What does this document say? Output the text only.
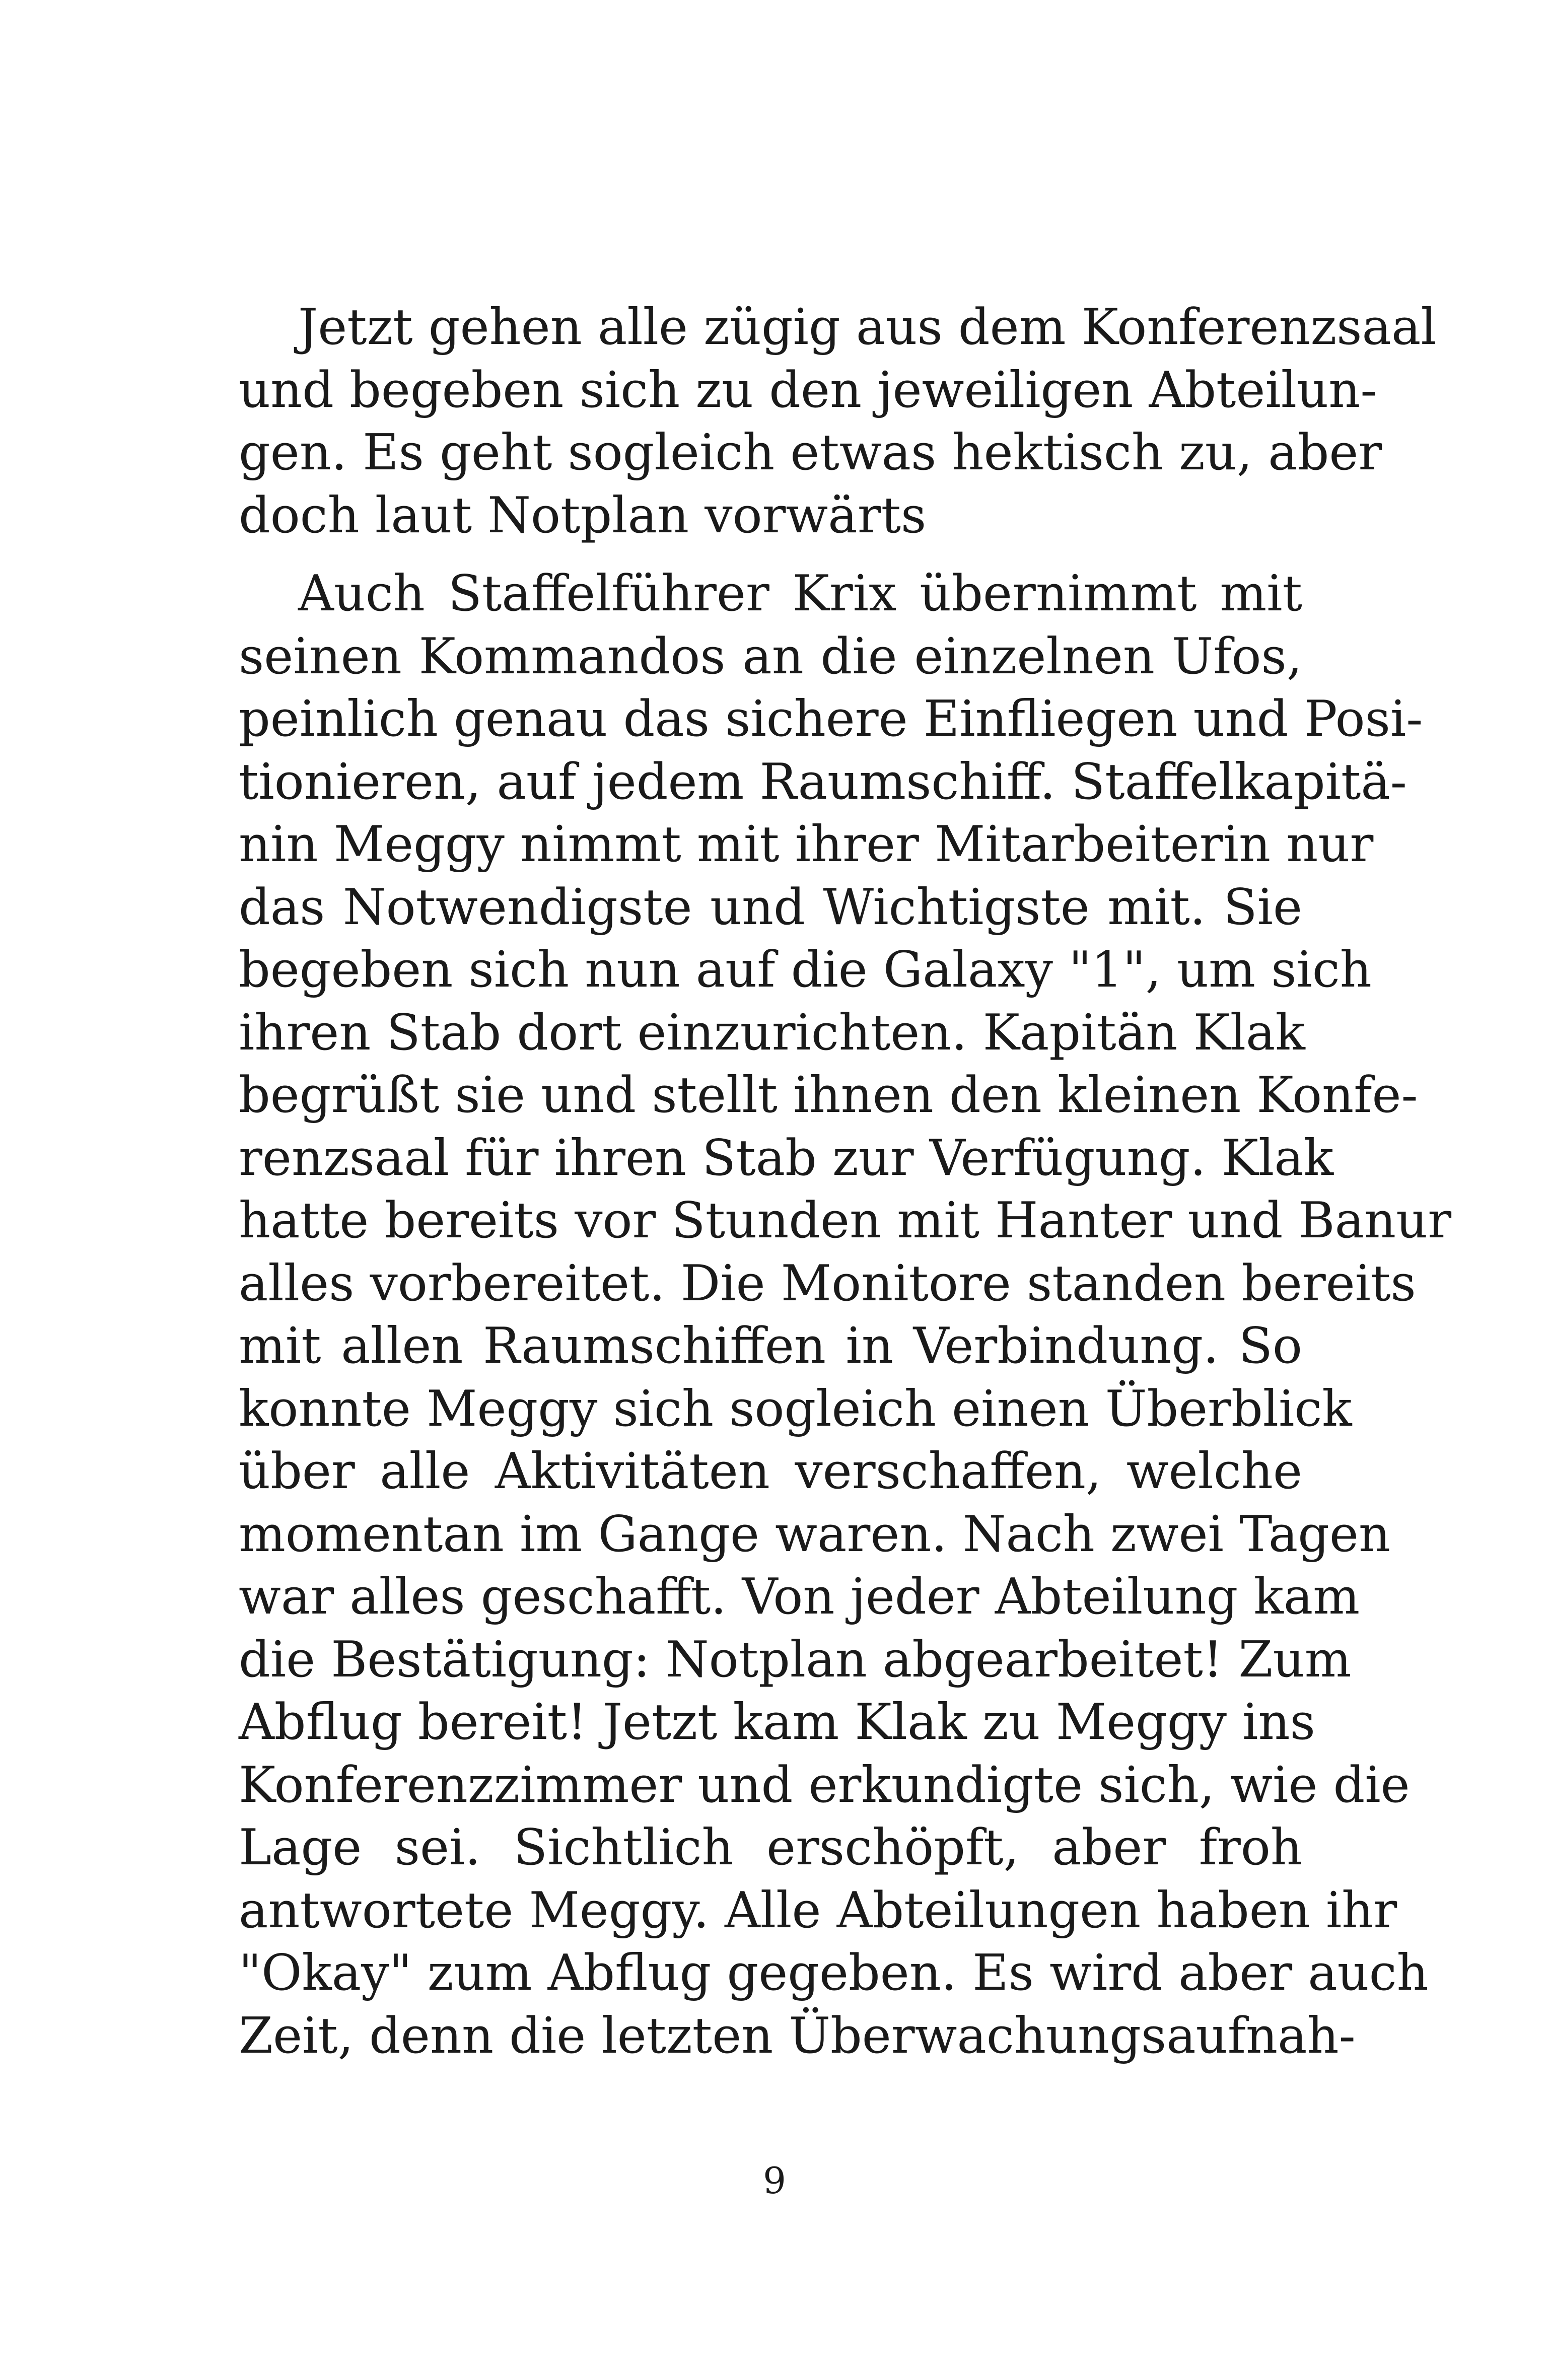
Jetzt gehen alle zügig aus dem Konferenzsaal
und begeben sich zu den jeweiligen Abteilun-
gen. Es geht sogleich etwas hektisch zu, aber
doch laut Notplan vorwärts
Auch Staffelführer Krix übernimmt mit
seinen Kommandos an die einzelnen Ufos,
peinlich genau das sichere Einfliegen und Posi-
tionieren, auf jedem Raumschiff. Staffelkapitä-
nin Meggy nimmt mit ihrer Mitarbeiterin nur
das Notwendigste und Wichtigste mit. Sie
begeben sich nun auf die Galaxy "1", um sich
ihren Stab dort einzurichten. Kapitän Klak
begrüßt sie und stellt ihnen den kleinen Konfe-
renzsaal für ihren Stab zur Verfügung. Klak
hatte bereits vor Stunden mit Hanter und Banur
alles vorbereitet. Die Monitore standen bereits
mit allen Raumschiffen in Verbindung. So
konnte Meggy sich sogleich einen Überblick
über alle Aktivitäten verschaffen, welche
momentan im Gange waren. Nach zwei Tagen
war alles geschafft. Von jeder Abteilung kam
die Bestätigung: Notplan abgearbeitet! Zum
Abflug bereit! Jetzt kam Klak zu Meggy ins
Konferenzzimmer und erkundigte sich, wie die
Lage sei. Sichtlich erschöpft, aber froh
antwortete Meggy. Alle Abteilungen haben ihr
"Okay" zum Abflug gegeben. Es wird aber auch
Zeit, denn die letzten Überwachungsaufnah-
9
